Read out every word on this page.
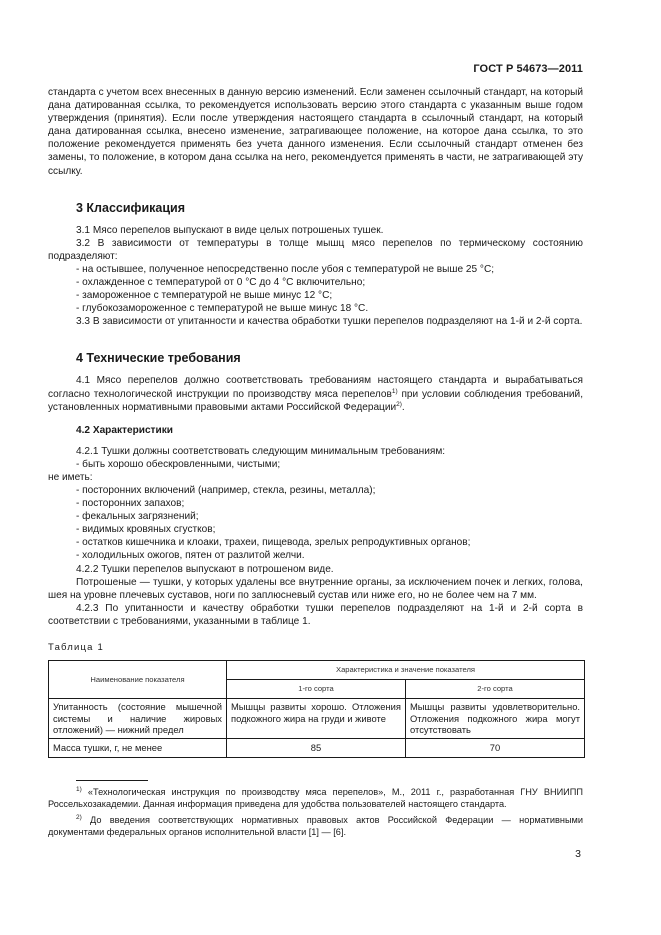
ГОСТ Р 54673—2011

стандарта с учетом всех внесенных в данную версию изменений. Если заменен ссылочный стандарт, на который дана датированная ссылка, то рекомендуется использовать версию этого стандарта с указанным выше годом утверждения (принятия). Если после утверждения настоящего стандарта в ссылочный стандарт, на который дана датированная ссылка, внесено изменение, затрагивающее положение, на которое дана ссылка, то это положение рекомендуется применять без учета данного изменения. Если ссылочный стандарт отменен без замены, то положение, в котором дана ссылка на него, рекомендуется применять в части, не затрагивающей эту ссылку.

3 Классификация

3.1 Мясо перепелов выпускают в виде целых потрошеных тушек.

3.2 В зависимости от температуры в толще мышц мясо перепелов по термическому состоянию подразделяют:

- на остывшее, полученное непосредственно после убоя с температурой не выше 25 °С;

- охлажденное с температурой от 0 °С до 4 °С включительно;

- замороженное с температурой не выше минус 12 °С;

- глубокозамороженное с температурой не выше минус 18 °С.

3.3 В зависимости от упитанности и качества обработки тушки перепелов подразделяют на 1-й и 2-й сорта.

4 Технические требования

4.1 Мясо перепелов должно соответствовать требованиям настоящего стандарта и вырабатываться согласно технологической инструкции по производству мяса перепелов$^{1)}$ при условии соблюдения требований, установленных нормативными правовыми актами Российской Федерации$^{2)}$.

4.2 Характеристики

4.2.1 Тушки должны соответствовать следующим минимальным требованиям:

- быть хорошо обескровленными, чистыми;

не иметь:

- посторонних включений (например, стекла, резины, металла);

- посторонних запахов;

- фекальных загрязнений;

- видимых кровяных сгустков;

- остатков кишечника и клоаки, трахеи, пищевода, зрелых репродуктивных органов;

- холодильных ожогов, пятен от разлитой желчи.

4.2.2 Тушки перепелов выпускают в потрошеном виде.

Потрошеные — тушки, у которых удалены все внутренние органы, за исключением почек и легких, голова, шея на уровне плечевых суставов, ноги по заплюсневый сустав или ниже его, но не более чем на 7 мм.

4.2.3 По упитанности и качеству обработки тушки перепелов подразделяют на 1-й и 2-й сорта в соответствии с требованиями, указанными в таблице 1.

Таблица 1

Наименование показателя	Характеристика и значение показателя	
	1-го сорта	2-го сорта
Упитанность (состояние мышечной системы и наличие жировых отложений) — нижний предел	Мышцы развиты хорошо. Отложения подкожного жира на груди и животе	Мышцы развиты удовлетворительно. Отложения подкожного жира могут отсутствовать
Масса тушки, г, не менее	85	70

$^{1)}$ «Технологическая инструкция по производству мяса перепелов», М., 2011 г., разработанная ГНУ ВНИИПП Россельхозакадемии. Данная информация приведена для удобства пользователей настоящего стандарта.

$^{2)}$ До введения соответствующих нормативных правовых актов Российской Федерации — нормативными документами федеральных органов исполнительной власти [1] — [6].

3
